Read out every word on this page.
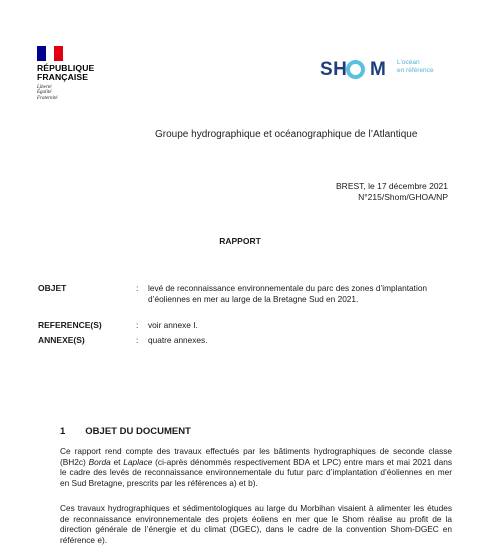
RÉPUBLIQUE
FRANÇAISE
Liberté
Égalité
Fraternité
SH M L'océan
en référence
Groupe hydrographique et océanographique de l’Atlantique
BREST, le 17 décembre 2021
N°215/Shom/GHOA/NP
RAPPORT
OBJET	: levé de reconnaissance environnementale du parc des zones d’implantation d’éoliennes en mer au large de la Bretagne Sud en 2021.
REFERENCE(S)	: voir annexe I.
ANNEXE(S)	: quatre annexes.
1 OBJET DU DOCUMENT
Ce rapport rend compte des travaux effectués par les bâtiments hydrographiques de seconde classe (BH2c) Borda et Laplace (ci-après dénommés respectivement BDA et LPC) entre mars et mai 2021 dans le cadre des levés de reconnaissance environnementale du futur parc d’implantation d’éoliennes en mer en Sud Bretagne, prescrits par les références a) et b).
Ces travaux hydrographiques et sédimentologiques au large du Morbihan visaient à alimenter les études de reconnaissance environnementale des projets éoliens en mer que le Shom réalise au profit de la direction générale de l’énergie et du climat (DGEC), dans le cadre de la convention Shom-DGEC en référence e).
